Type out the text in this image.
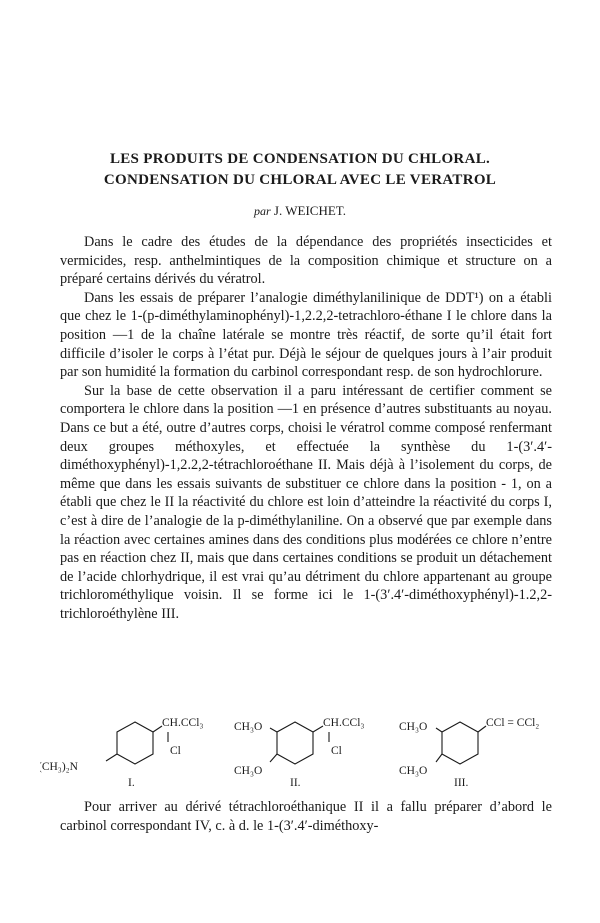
LES PRODUITS DE CONDENSATION DU CHLORAL.
CONDENSATION DU CHLORAL AVEC LE VERATROL
par J. WEICHET.

Dans le cadre des études de la dépendance des propriétés insecticides et vermicides, resp. anthelmintiques de la composition chimique et structure on a préparé certains dérivés du vératrol.

Dans les essais de préparer l’analogie diméthylanilinique de DDT¹) on a établi que chez le 1-(p-diméthylaminophényl)-1,2.2,2-tetrachloro-éthane I le chlore dans la position —1 de la chaîne latérale se montre très réactif, de sorte qu’il était fort difficile d’isoler le corps à l’état pur. Déjà le séjour de quelques jours à l’air produit par son humidité la formation du carbinol correspondant resp. de son hydrochlorure.

Sur la base de cette observation il a paru intéressant de certifier comment se comportera le chlore dans la position —1 en présence d’autres substituants au noyau. Dans ce but a été, outre d’autres corps, choisi le vératrol comme composé renfermant deux groupes méthoxyles, et effectuée la synthèse du 1-(3′.4′-diméthoxyphényl)-1,2.2,2-tétrachloroéthane II. Mais déjà à l’isolement du corps, de même que dans les essais suivants de substituer ce chlore dans la position - 1, on a établi que chez le II la réactivité du chlore est loin d’atteindre la réactivité du corps I, c’est à dire de l’analogie de la p-diméthylaniline. On a observé que par exemple dans la réaction avec certaines amines dans des conditions plus modérées ce chlore n’entre pas en réaction chez II, mais que dans certaines conditions se produit un détachement de l’acide chlorhydrique, il est vrai qu’au détriment du chlore appartenant au groupe trichlorométhylique voisin. Il se forme ici le 1-(3′.4′-diméthoxyphényl)-1.2,2-trichloroéthylène III.

CH.CCl₃
Cl
(CH₃)₂N
I.
CH.CCl₃
Cl
CH₃O
CH₃O
II.
CCl = CCl₂
CH₃O
CH₃O
III.

Pour arriver au dérivé tétrachloroéthanique II il a fallu préparer d’abord le carbinol correspondant IV, c. à d. le 1-(3′.4′-diméthoxy-
